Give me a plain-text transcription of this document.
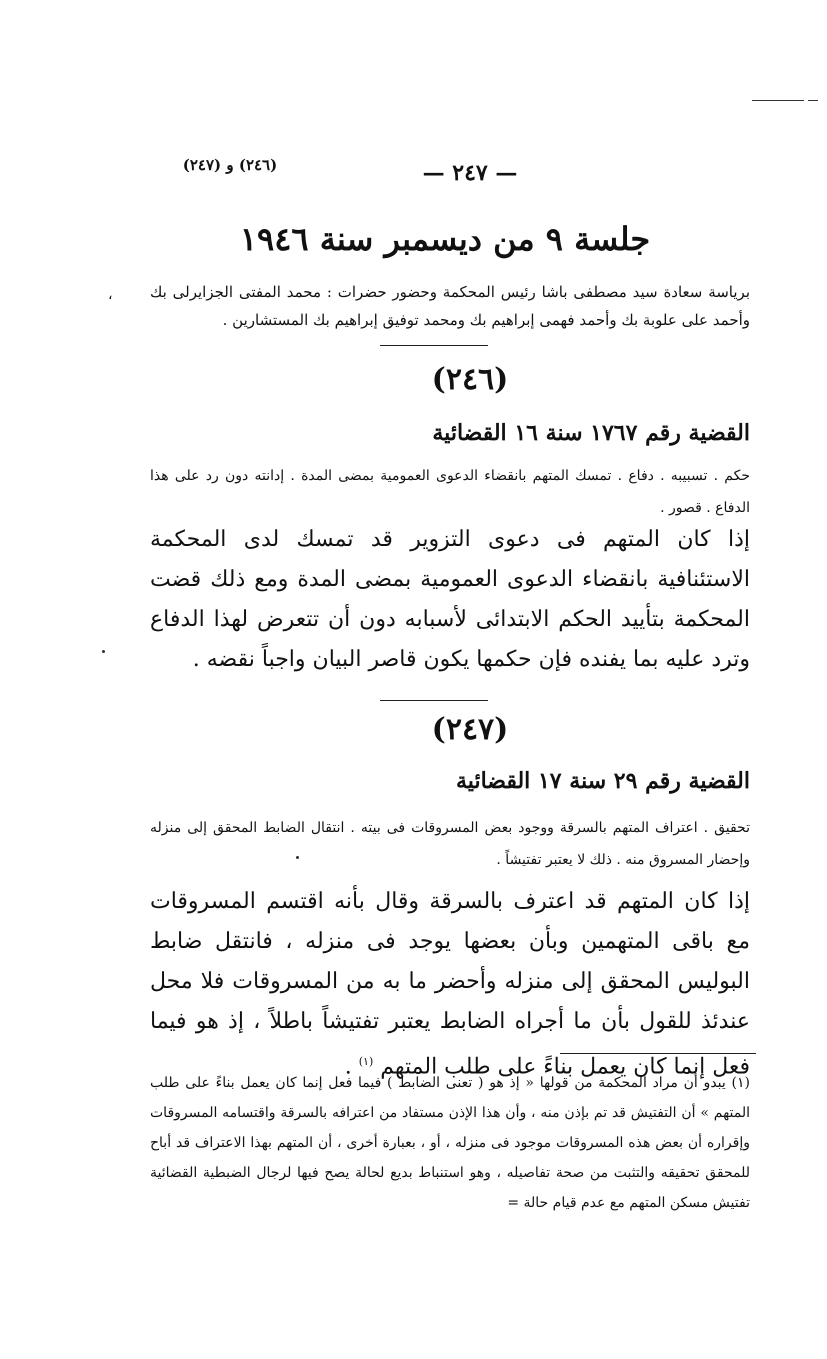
(٢٤٦) و (٢٤٧)	— ٢٤٧ —
جلسة ٩ من ديسمبر سنة ١٩٤٦
، برياسة سعادة سيد مصطفى باشا رئيس المحكمة وحضور حضرات : محمد المفتى الجزايرلى بك وأحمد على علوبة بك وأحمد فهمى إبراهيم بك ومحمد توفيق إبراهيم بك المستشارين .
(٢٤٦)
القضية رقم ١٧٦٧ سنة ١٦ القضائية
حكم . تسبيبه . دفاع . تمسك المتهم بانقضاء الدعوى العمومية بمضى المدة . إدانته دون رد على هذا الدفاع . قصور .
إذا كان المتهم فى دعوى التزوير قد تمسك لدى المحكمة الاستئنافية بانقضاء الدعوى العمومية بمضى المدة ومع ذلك قضت المحكمة بتأييد الحكم الابتدائى لأسبابه دون أن تتعرض لهذا الدفاع وترد عليه بما يفنده فإن حكمها يكون قاصر البيان واجباً نقضه .
(٢٤٧)
القضية رقم ٢٩ سنة ١٧ القضائية
تحقيق . اعتراف المتهم بالسرقة ووجود بعض المسروقات فى بيته . انتقال الضابط المحقق إلى منزله وإحضار المسروق منه . ذلك لا يعتبر تفتيشاً .
إذا كان المتهم قد اعترف بالسرقة وقال بأنه اقتسم المسروقات مع باقى المتهمين وبأن بعضها يوجد فى منزله ، فانتقل ضابط البوليس المحقق إلى منزله وأحضر ما به من المسروقات فلا محل عندئذ للقول بأن ما أجراه الضابط يعتبر تفتيشاً باطلاً ، إذ هو فيما فعل إنما كان يعمل بناءً على طلب المتهم $^{(١)}$ .
(١) يبدو أن مراد المحكمة من قولها « إذ هو ( تعنى الضابط ) فيما فعل إنما كان يعمل بناءً على طلب المتهم » أن التفتيش قد تم بإذن منه ، وأن هذا الإذن مستفاد من اعترافه بالسرقة واقتسامه المسروقات وإقراره أن بعض هذه المسروقات موجود فى منزله ، أو ، بعبارة أخرى ، أن المتهم بهذا الاعتراف قد أباح للمحقق تحقيقه والتثبت من صحة تفاصيله ، وهو استنباط بديع لحالة يصح فيها لرجال الضبطية القضائية تفتيش مسكن المتهم مع عدم قيام حالة =
